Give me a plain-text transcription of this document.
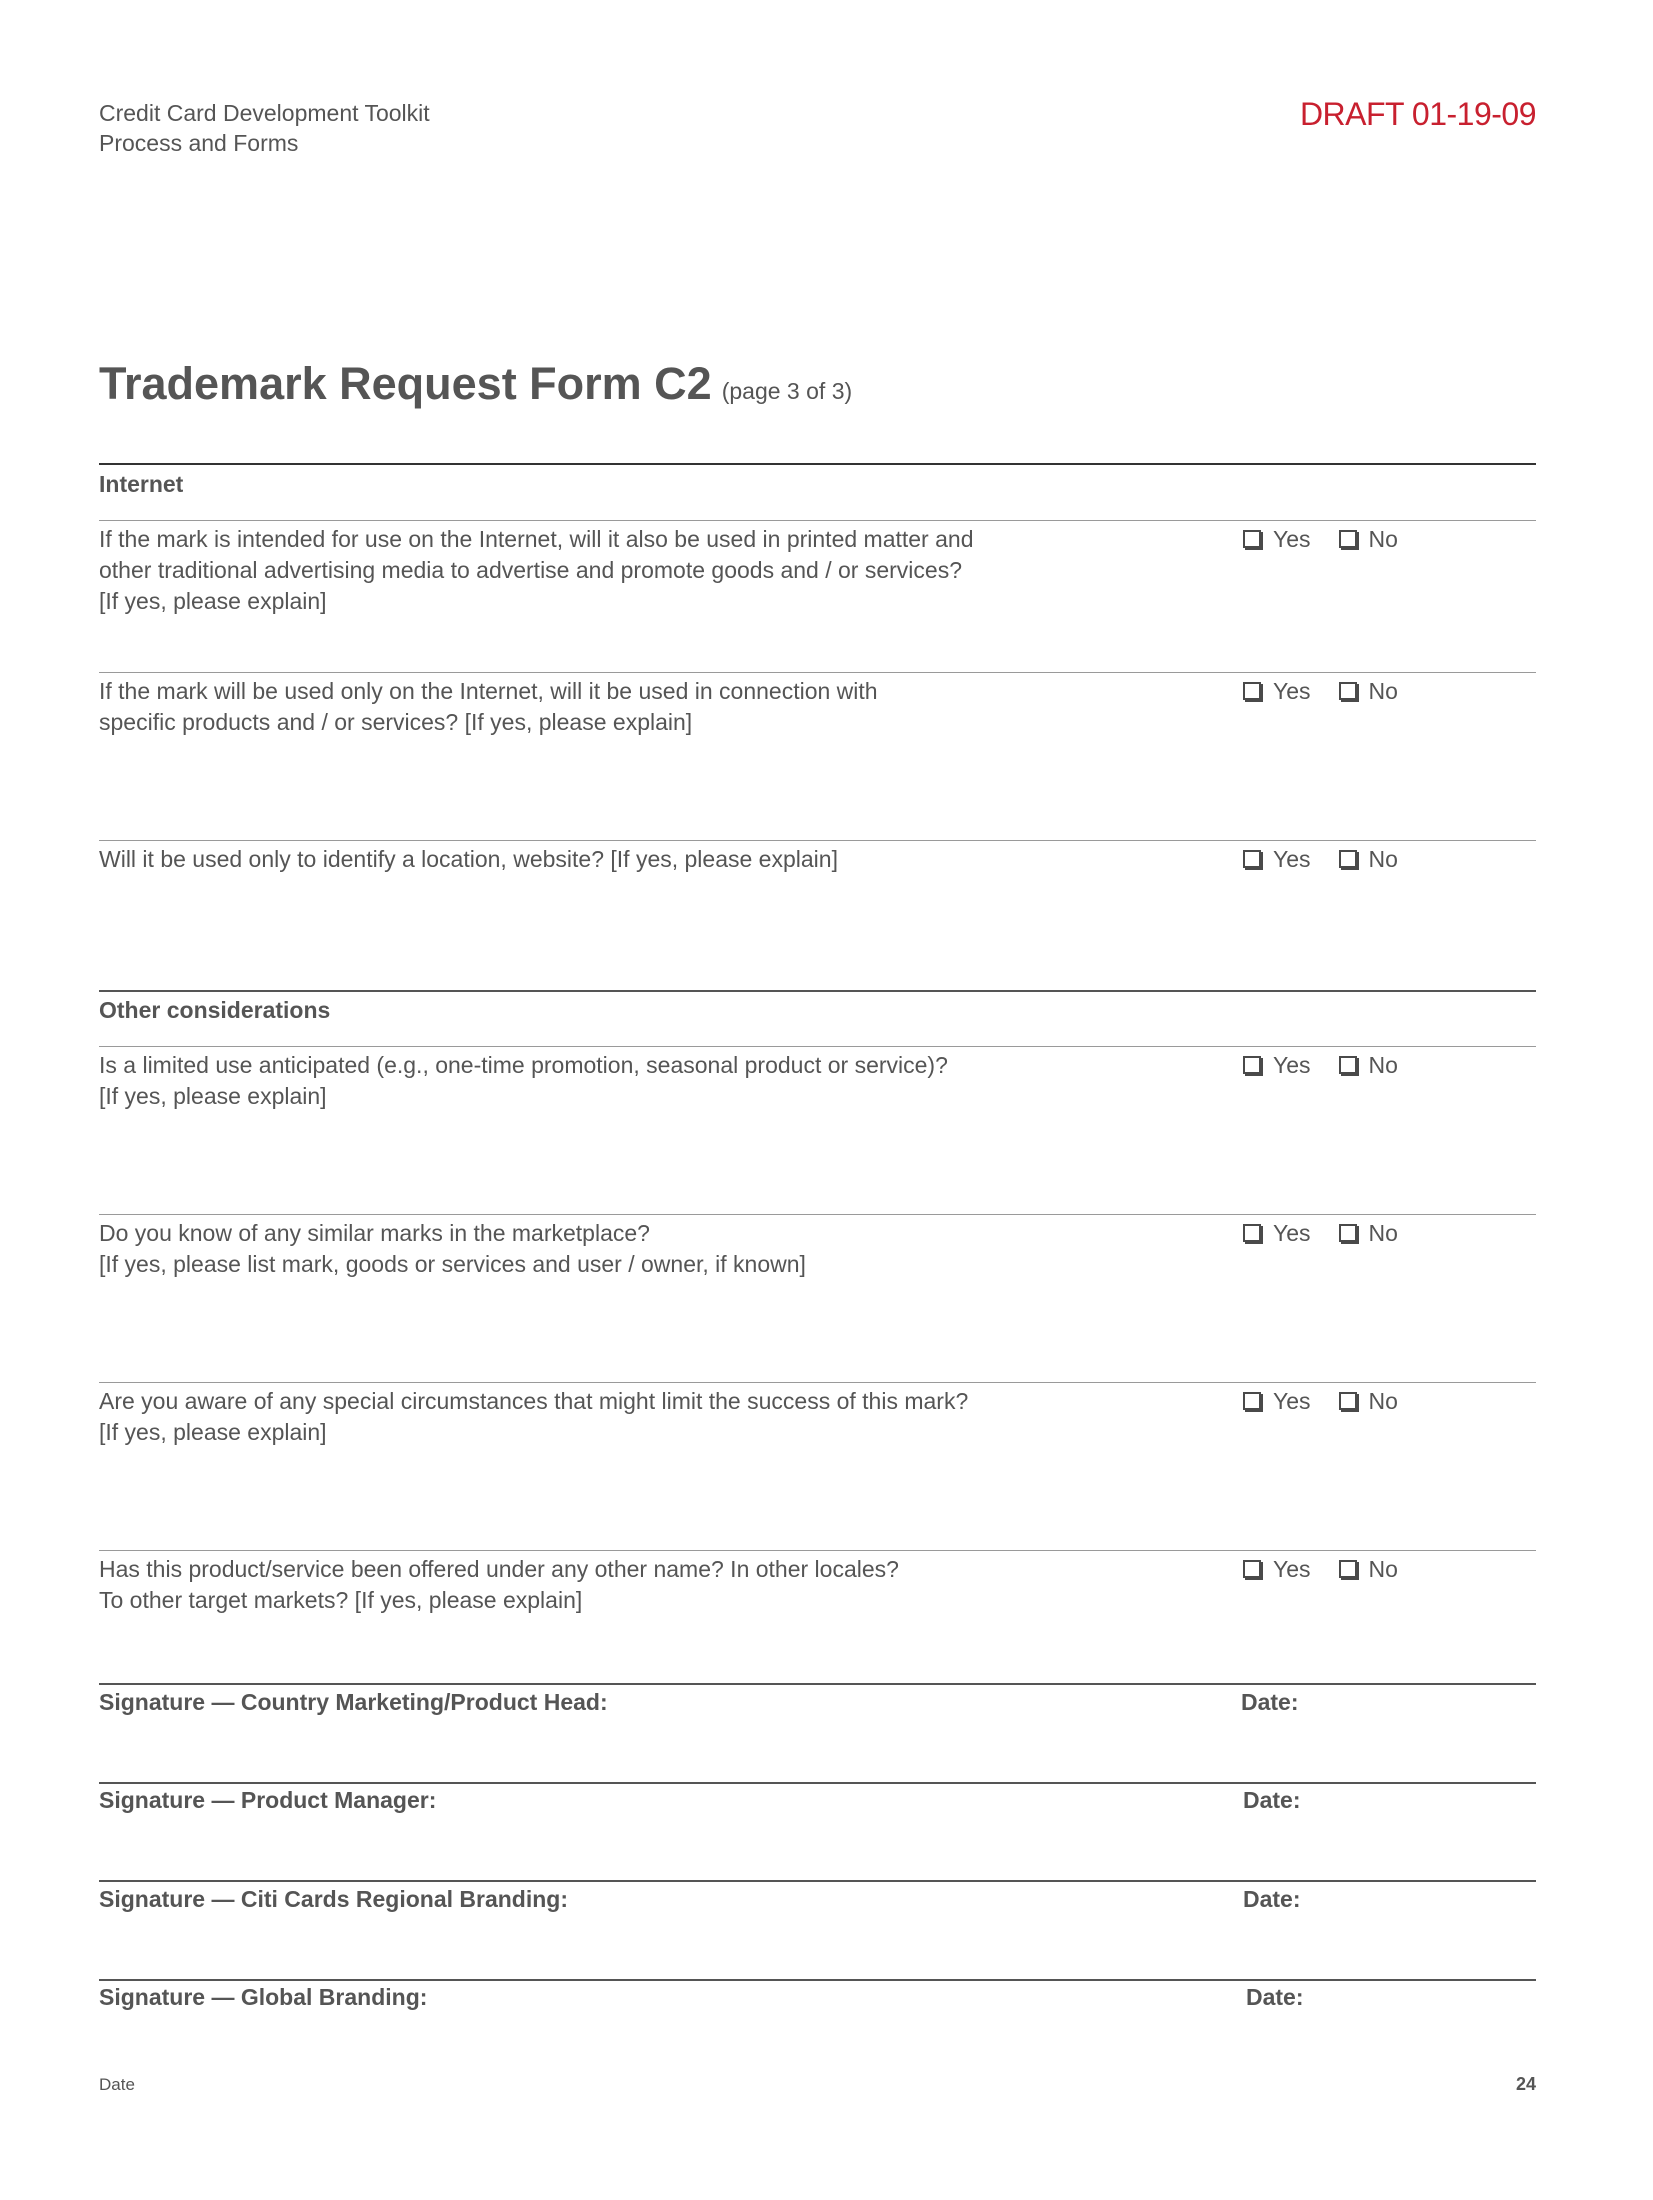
Credit Card Development Toolkit
Process and Forms
DRAFT 01-19-09
Trademark Request Form C2 (page 3 of 3)
Internet
If the mark is intended for use on the Internet, will it also be used in printed matter and
other traditional advertising media to advertise and promote goods and / or services?
[If yes, please explain]
Yes	No
If the mark will be used only on the Internet, will it be used in connection with
specific products and / or services? [If yes, please explain]
Yes	No
Will it be used only to identify a location, website? [If yes, please explain]	Yes	No
Other considerations
Is a limited use anticipated (e.g., one-time promotion, seasonal product or service)?
[If yes, please explain]
Yes	No
Do you know of any similar marks in the marketplace?
[If yes, please list mark, goods or services and user / owner, if known]
Yes	No
Are you aware of any special circumstances that might limit the success of this mark?
[If yes, please explain]
Yes	No
Has this product/service been offered under any other name? In other locales?
To other target markets? [If yes, please explain]
Yes	No
Signature — Country Marketing/Product Head:	Date:
Signature — Product Manager:	Date:
Signature — Citi Cards Regional Branding:	Date:
Signature — Global Branding:	Date:
Date	24
